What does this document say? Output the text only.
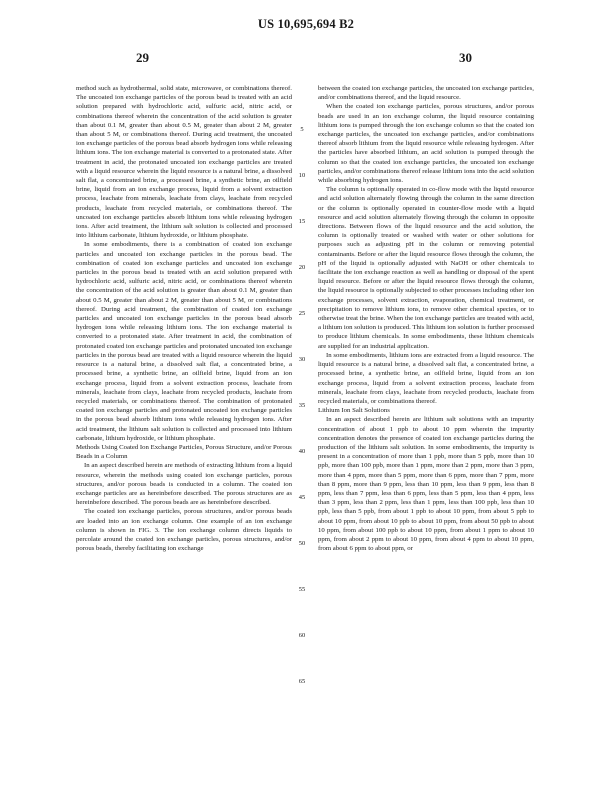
US 10,695,694 B2
29	30

method such as hydrothermal, solid state, microwave, or combinations thereof. The uncoated ion exchange particles of the porous bead is treated with an acid solution prepared with hydrochloric acid, sulfuric acid, nitric acid, or combinations thereof wherein the concentration of the acid solution is greater than about 0.1 M, greater than about 0.5 M, greater than about 2 M, greater than about 5 M, or combinations thereof. During acid treatment, the uncoated ion exchange particles of the porous bead absorb hydrogen ions while releasing lithium ions. The ion exchange material is converted to a protonated state. After treatment in acid, the protonated uncoated ion exchange particles are treated with a liquid resource wherein the liquid resource is a natural brine, a dissolved salt flat, a concentrated brine, a processed brine, a synthetic brine, an oilfield brine, liquid from an ion exchange process, liquid from a solvent extraction process, leachate from minerals, leachate from clays, leachate from recycled products, leachate from recycled materials, or combinations thereof. The uncoated ion exchange particles absorb lithium ions while releasing hydrogen ions. After acid treatment, the lithium salt solution is collected and processed into lithium carbonate, lithium hydroxide, or lithium phosphate.

In some embodiments, there is a combination of coated ion exchange particles and uncoated ion exchange particles in the porous bead. The combination of coated ion exchange particles and uncoated ion exchange particles in the porous bead is treated with an acid solution prepared with hydrochloric acid, sulfuric acid, nitric acid, or combinations thereof wherein the concentration of the acid solution is greater than about 0.1 M, greater than about 0.5 M, greater than about 2 M, greater than about 5 M, or combinations thereof. During acid treatment, the combination of coated ion exchange particles and uncoated ion exchange particles in the porous bead absorb hydrogen ions while releasing lithium ions. The ion exchange material is converted to a protonated state. After treatment in acid, the combination of protonated coated ion exchange particles and protonated uncoated ion exchange particles in the porous bead are treated with a liquid resource wherein the liquid resource is a natural brine, a dissolved salt flat, a concentrated brine, a processed brine, a synthetic brine, an oilfield brine, liquid from an ion exchange process, liquid from a solvent extraction process, leachate from minerals, leachate from clays, leachate from recycled products, leachate from recycled materials, or combinations thereof. The combination of protonated coated ion exchange particles and protonated uncoated ion exchange particles in the porous bead absorb lithium ions while releasing hydrogen ions. After acid treatment, the lithium salt solution is collected and processed into lithium carbonate, lithium hydroxide, or lithium phosphate.

Methods Using Coated Ion Exchange Particles, Porous Structure, and/or Porous Beads in a Column

In an aspect described herein are methods of extracting lithium from a liquid resource, wherein the methods using coated ion exchange particles, porous structures, and/or porous beads is conducted in a column. The coated ion exchange particles are as hereinbefore described. The porous structures are as hereinbefore described. The porous beads are as hereinbefore described.

The coated ion exchange particles, porous structures, and/or porous beads are loaded into an ion exchange column. One example of an ion exchange column is shown in FIG. 3. The ion exchange column directs liquids to percolate around the coated ion exchange particles, porous structures, and/or porous beads, thereby facilitating ion exchange

between the coated ion exchange particles, the uncoated ion exchange particles, and/or combinations thereof, and the liquid resource.

When the coated ion exchange particles, porous structures, and/or porous beads are used in an ion exchange column, the liquid resource containing lithium ions is pumped through the ion exchange column so that the coated ion exchange particles, the uncoated ion exchange particles, and/or combinations thereof absorb lithium from the liquid resource while releasing hydrogen. After the particles have absorbed lithium, an acid solution is pumped through the column so that the coated ion exchange particles, the uncoated ion exchange particles, and/or combinations thereof release lithium ions into the acid solution while absorbing hydrogen ions.

The column is optionally operated in co-flow mode with the liquid resource and acid solution alternately flowing through the column in the same direction or the column is optionally operated in counter-flow mode with a liquid resource and acid solution alternately flowing through the column in opposite directions. Between flows of the liquid resource and the acid solution, the column is optionally treated or washed with water or other solutions for purposes such as adjusting pH in the column or removing potential contaminants. Before or after the liquid resource flows through the column, the pH of the liquid is optionally adjusted with NaOH or other chemicals to facilitate the ion exchange reaction as well as handling or disposal of the spent liquid resource. Before or after the liquid resource flows through the column, the liquid resource is optionally subjected to other processes including other ion exchange processes, solvent extraction, evaporation, chemical treatment, or precipitation to remove lithium ions, to remove other chemical species, or to otherwise treat the brine. When the ion exchange particles are treated with acid, a lithium ion solution is produced. This lithium ion solution is further processed to produce lithium chemicals. In some embodiments, these lithium chemicals are supplied for an industrial application.

In some embodiments, lithium ions are extracted from a liquid resource. The liquid resource is a natural brine, a dissolved salt flat, a concentrated brine, a processed brine, a synthetic brine, an oilfield brine, liquid from an ion exchange process, liquid from a solvent extraction process, leachate from minerals, leachate from clays, leachate from recycled products, leachate from recycled materials, or combinations thereof.

Lithium Ion Salt Solutions

In an aspect described herein are lithium salt solutions with an impurity concentration of about 1 ppb to about 10 ppm wherein the impurity concentration denotes the presence of coated ion exchange particles during the production of the lithium salt solution. In some embodiments, the impurity is present in a concentration of more than 1 ppb, more than 5 ppb, more than 10 ppb, more than 100 ppb, more than 1 ppm, more than 2 ppm, more than 3 ppm, more than 4 ppm, more than 5 ppm, more than 6 ppm, more than 7 ppm, more than 8 ppm, more than 9 ppm, less than 10 ppm, less than 9 ppm, less than 8 ppm, less than 7 ppm, less than 6 ppm, less than 5 ppm, less than 4 ppm, less than 3 ppm, less than 2 ppm, less than 1 ppm, less than 100 ppb, less than 10 ppb, less than 5 ppb, from about 1 ppb to about 10 ppm, from about 5 ppb to about 10 ppm, from about 10 ppb to about 10 ppm, from about 50 ppb to about 10 ppm, from about 100 ppb to about 10 ppm, from about 1 ppm to about 10 ppm, from about 2 ppm to about 10 ppm, from about 4 ppm to about 10 ppm, from about 6 ppm to about ppm, or

5
10
15
20
25
30
35
40
45
50
55
60
65
